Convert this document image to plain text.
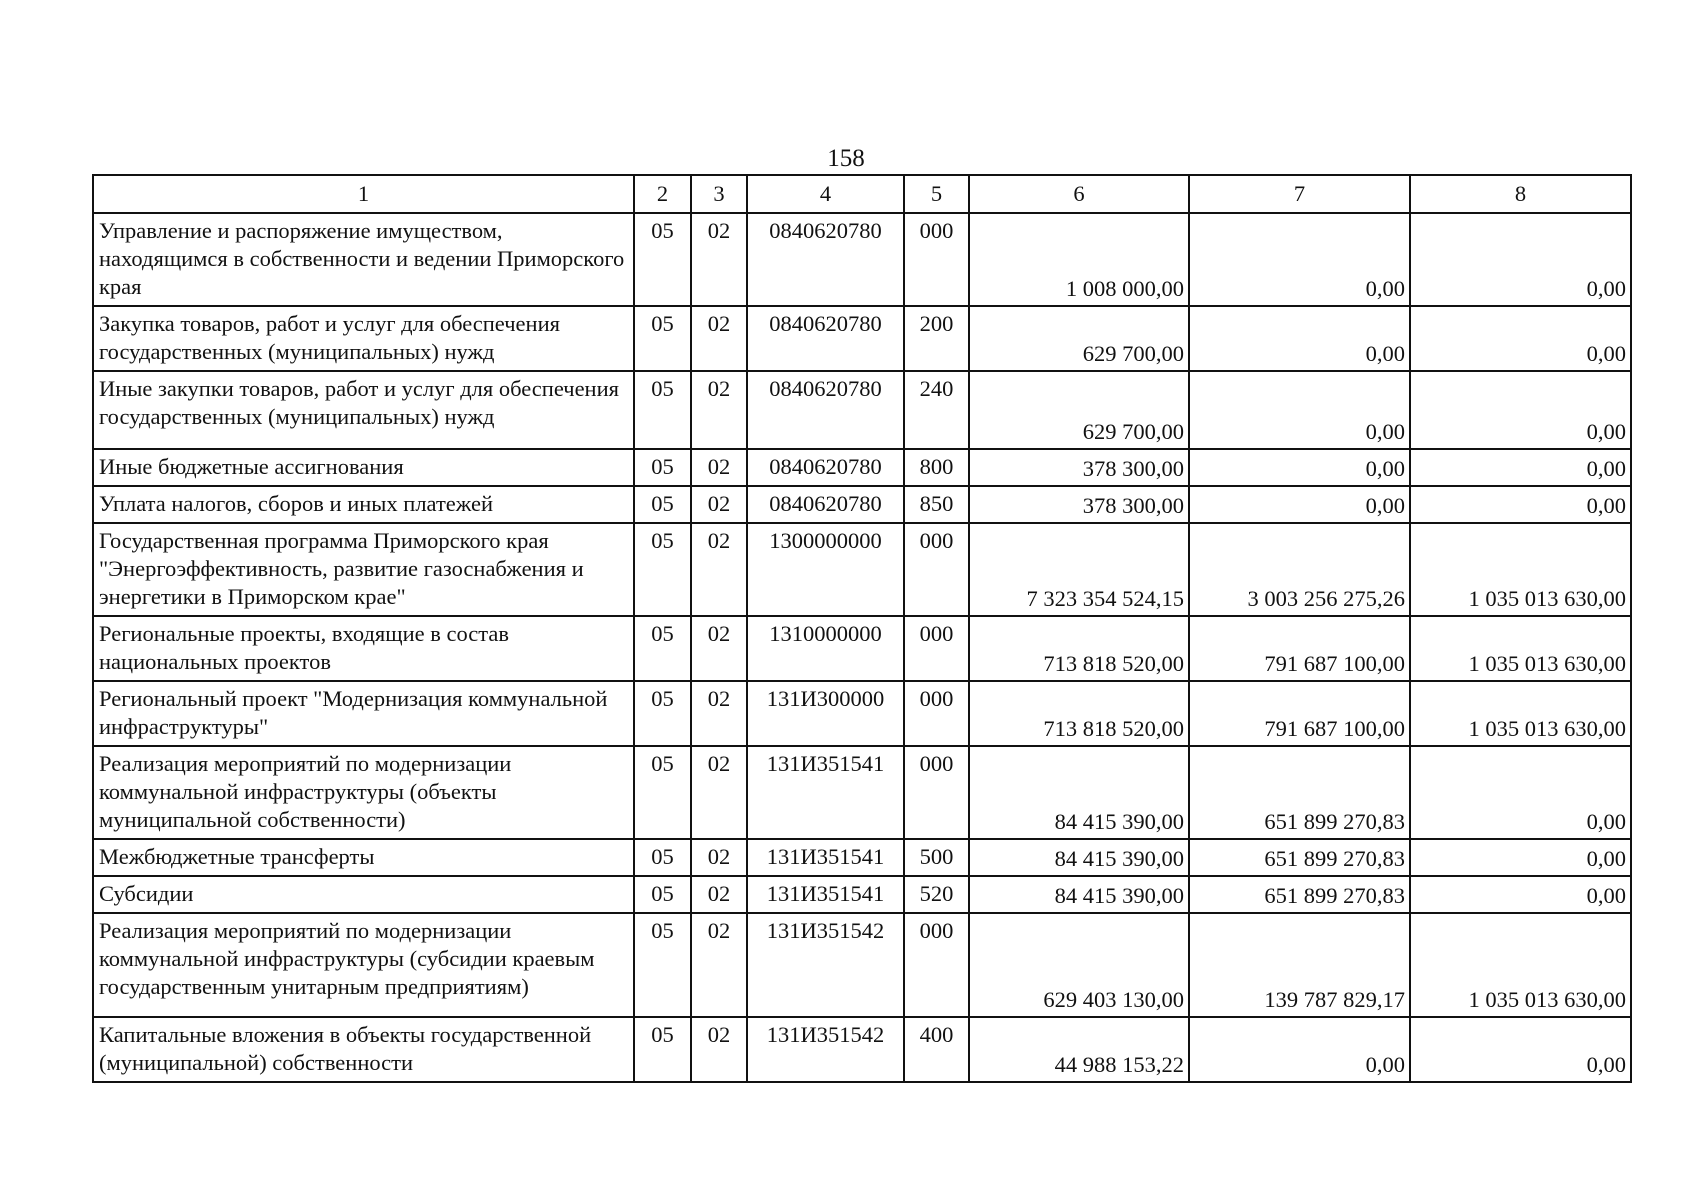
158
1	2	3	4	5	6	7	8
Управление и распоряжение имуществом, находящимся в собственности и ведении Приморского края	05	02	0840620780	000	1 008 000,00	0,00	0,00
Закупка товаров, работ и услуг для обеспечения государственных (муниципальных) нужд	05	02	0840620780	200	629 700,00	0,00	0,00
Иные закупки товаров, работ и услуг для обеспечения государственных (муниципальных) нужд	05	02	0840620780	240	629 700,00	0,00	0,00
Иные бюджетные ассигнования	05	02	0840620780	800	378 300,00	0,00	0,00
Уплата налогов, сборов и иных платежей	05	02	0840620780	850	378 300,00	0,00	0,00
Государственная программа Приморского края "Энергоэффективность, развитие газоснабжения и энергетики в Приморском крае"	05	02	1300000000	000	7 323 354 524,15	3 003 256 275,26	1 035 013 630,00
Региональные проекты, входящие в состав национальных проектов	05	02	1310000000	000	713 818 520,00	791 687 100,00	1 035 013 630,00
Региональный проект "Модернизация коммунальной инфраструктуры"	05	02	131И300000	000	713 818 520,00	791 687 100,00	1 035 013 630,00
Реализация мероприятий по модернизации коммунальной инфраструктуры (объекты муниципальной собственности)	05	02	131И351541	000	84 415 390,00	651 899 270,83	0,00
Межбюджетные трансферты	05	02	131И351541	500	84 415 390,00	651 899 270,83	0,00
Субсидии	05	02	131И351541	520	84 415 390,00	651 899 270,83	0,00
Реализация мероприятий по модернизации коммунальной инфраструктуры (субсидии краевым государственным унитарным предприятиям)	05	02	131И351542	000	629 403 130,00	139 787 829,17	1 035 013 630,00
Капитальные вложения в объекты государственной (муниципальной) собственности	05	02	131И351542	400	44 988 153,22	0,00	0,00
